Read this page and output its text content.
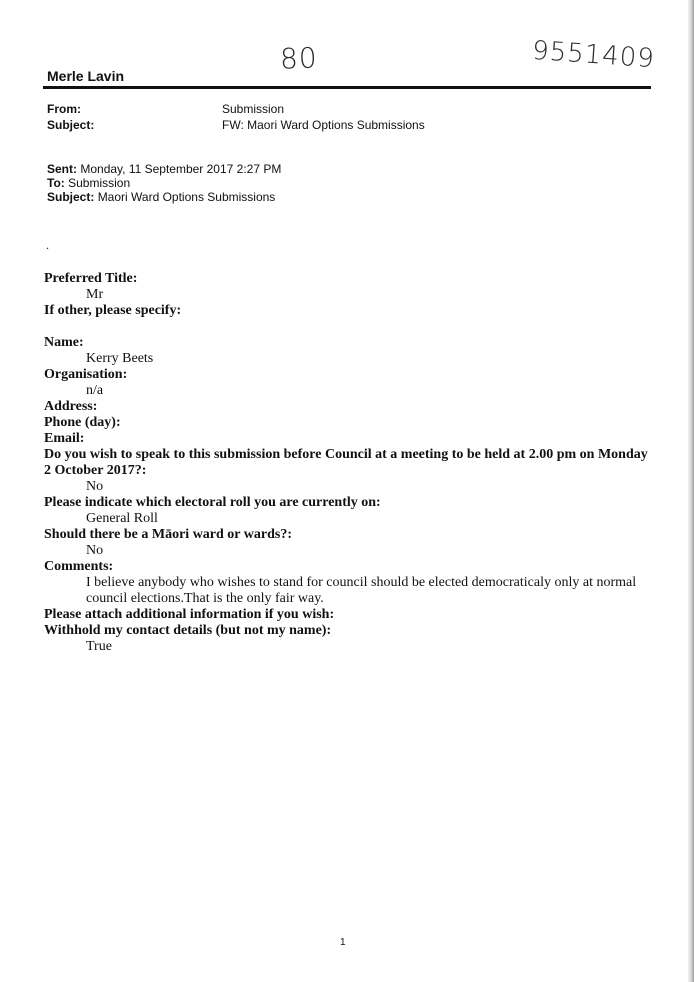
80	9551409
Merle Lavin
From:	Submission
Subject:	FW: Maori Ward Options Submissions
Sent: Monday, 11 September 2017 2:27 PM
To: Submission
Subject: Maori Ward Options Submissions
.
Preferred Title:
Mr
If other, please specify:
Name:
Kerry Beets
Organisation:
n/a
Address:
Phone (day):
Email:
Do you wish to speak to this submission before Council at a meeting to be held at 2.00 pm on Monday 2 October 2017?:
No
Please indicate which electoral roll you are currently on:
General Roll
Should there be a Māori ward or wards?:
No
Comments:
I believe anybody who wishes to stand for council should be elected democraticaly only at normal council elections.That is the only fair way.
Please attach additional information if you wish:
Withhold my contact details (but not my name):
True
1
